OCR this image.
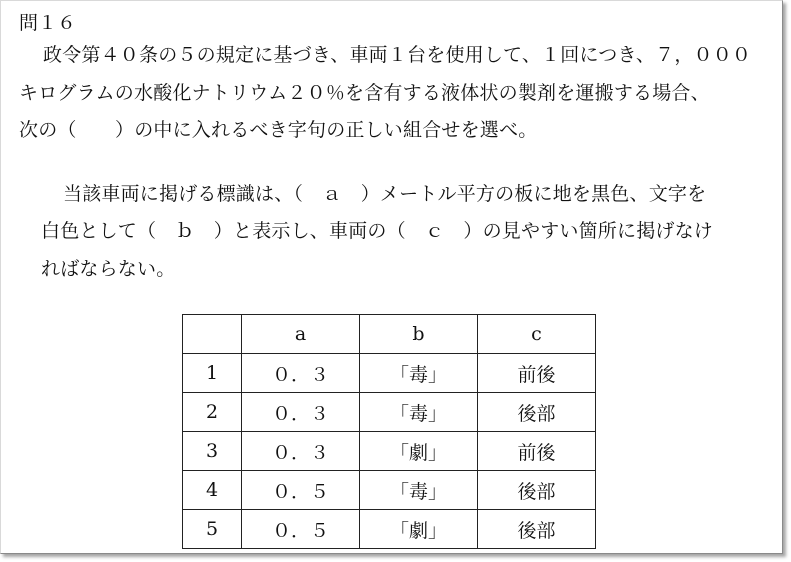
問１６
政令第４０条の５の規定に基づき、車両１台を使用して、１回につき、７，０００
キログラムの水酸化ナトリウム２０％を含有する液体状の製剤を運搬する場合、
次の（　　）の中に入れるべき字句の正しい組合せを選べ。
当該車両に掲げる標識は、（　ａ　）メートル平方の板に地を黒色、文字を
白色として（　ｂ　）と表示し、車両の（　ｃ　）の見やすい箇所に掲げなけ
ればならない。
	a	b	c
1	０．３	「毒」	前後
2	０．３	「毒」	後部
3	０．３	「劇」	前後
4	０．５	「毒」	後部
5	０．５	「劇」	後部
